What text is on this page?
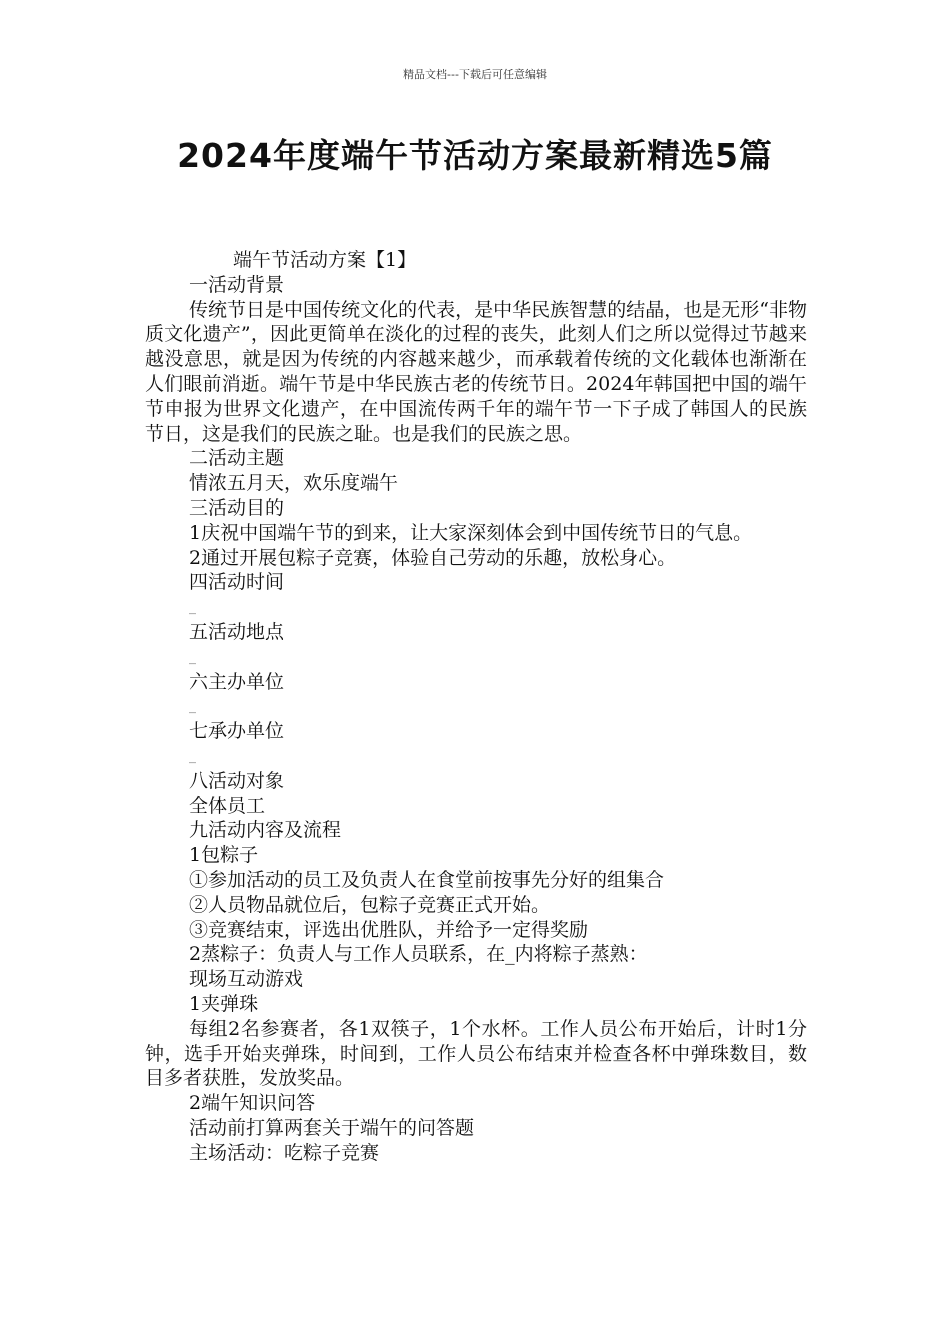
精品文档---下载后可任意编辑
2024年度端午节活动方案最新精选5篇

端午节活动方案【1】

一活动背景

传统节日是中国传统文化的代表，是中华民族智慧的结晶，也是无形“非物质文化遗产”，因此更简单在淡化的过程的丧失，此刻人们之所以觉得过节越来越没意思，就是因为传统的内容越来越少，而承载着传统的文化载体也渐渐在人们眼前消逝。端午节是中华民族古老的传统节日。2024年韩国把中国的端午节申报为世界文化遗产，在中国流传两千年的端午节一下子成了韩国人的民族节日，这是我们的民族之耻。也是我们的民族之思。

二活动主题

情浓五月天，欢乐度端午

三活动目的

1庆祝中国端午节的到来，让大家深刻体会到中国传统节日的气息。

2通过开展包粽子竞赛，体验自己劳动的乐趣，放松身心。

四活动时间

_

五活动地点

_

六主办单位

_

七承办单位

_

八活动对象

全体员工

九活动内容及流程

1包粽子

①参加活动的员工及负责人在食堂前按事先分好的组集合

②人员物品就位后，包粽子竞赛正式开始。

③竞赛结束，评选出优胜队，并给予一定得奖励

2蒸粽子：负责人与工作人员联系，在_内将粽子蒸熟：

现场互动游戏

1夹弹珠

每组2名参赛者，各1双筷子，1个水杯。工作人员公布开始后，计时1分钟，选手开始夹弹珠，时间到，工作人员公布结束并检查各杯中弹珠数目，数目多者获胜，发放奖品。

2端午知识问答

活动前打算两套关于端午的问答题

主场活动：吃粽子竞赛
